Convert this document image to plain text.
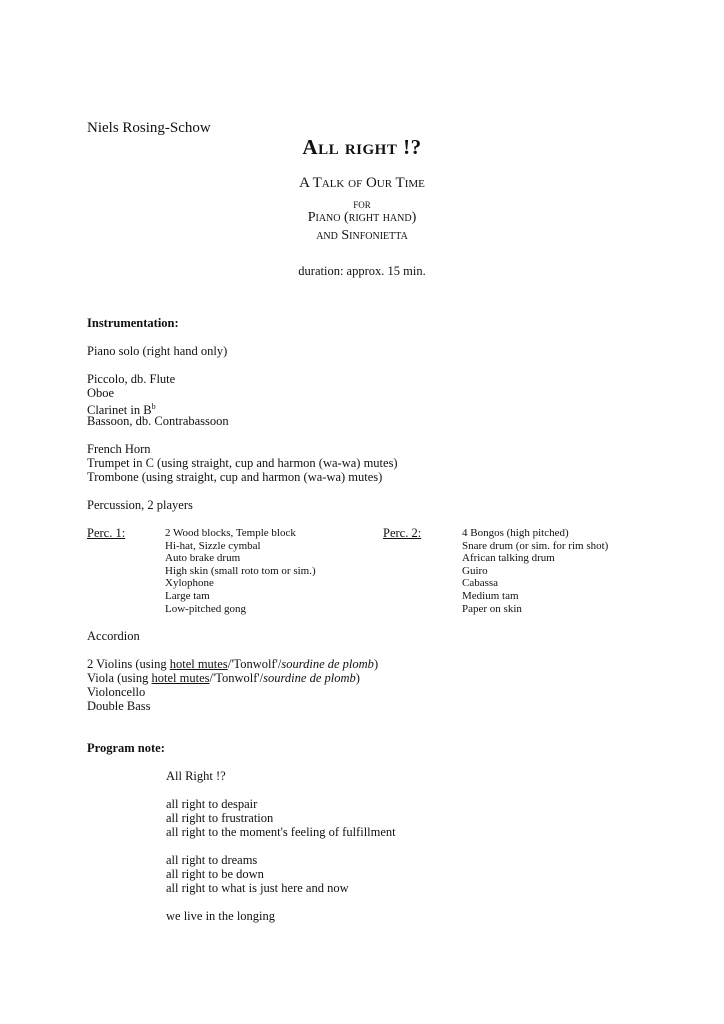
Niels Rosing-Schow
All right !?
A Talk of Our Time
for
Piano (right hand)
and Sinfonietta
duration: approx. 15 min.
Instrumentation:
Piano solo (right hand only)
Piccolo, db. Flute
Oboe
Clarinet in $B^b$
Bassoon, db. Contrabassoon
French Horn
Trumpet in C (using straight, cup and harmon (wa-wa) mutes)
Trombone (using straight, cup and harmon (wa-wa) mutes)
Percussion, 2 players
Perc. 1:	2 Wood blocks, Temple block
Hi-hat, Sizzle cymbal
Auto brake drum
High skin (small roto tom or sim.)
Xylophone
Large tam
Low-pitched gong
Perc. 2:	4 Bongos (high pitched)
Snare drum (or sim. for rim shot)
African talking drum
Guiro
Cabassa
Medium tam
Paper on skin
Accordion
2 Violins (using hotel mutes/'Tonwolf'/sourdine de plomb)
Viola (using hotel mutes/'Tonwolf'/sourdine de plomb)
Violoncello
Double Bass
Program note:
All Right !?
all right to despair
all right to frustration
all right to the moment's feeling of fulfillment
all right to dreams
all right to be down
all right to what is just here and now
we live in the longing
